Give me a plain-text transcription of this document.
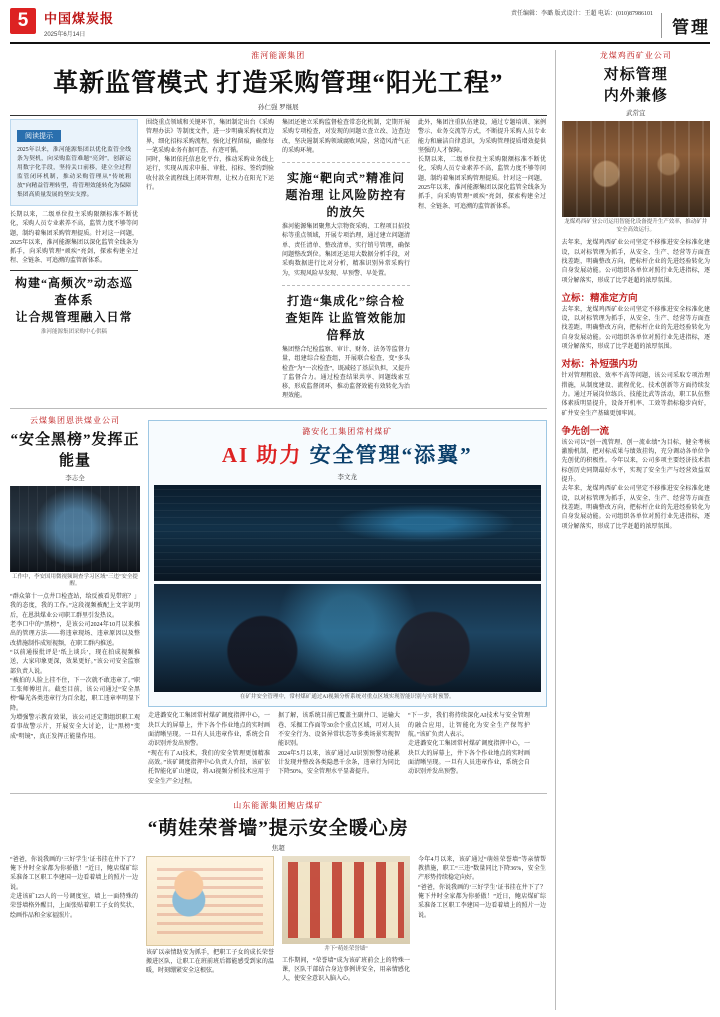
5	中国煤炭报
2025年6月14日
责任编辑：李璐 版式设计：王超 电话：(010)87986101
管理
淮河能源集团
革新监管模式 打造采购管理“阳光工程”
孙仁强 罗继展
阅读提示
2025年以来，淮河能源集团以优化监管全线条为契机，向采购监管难题“亮剑”，创新运用数字化手段，坚持关口前移，建立全过程监管闭环机制，推动采购管理从“传统粗放”向精益管理转型，将管理效能转化为保障集团高质量发展的坚实支撑。
长期以来，二级单位投主采购限额标准不断优化，采购人员专业素养不高，监管力度不够等问题，制约着集团采购管理提质。针对这一问题，2025年以来，淮河能源集团以深化监管全线条为抓手，向采购管理“顽疾”亮剑，探索构建全过程、全链条、可追溯的监管新体系。
构建“高频次”动态巡查体系
让合规管理融入日常
淮河能源集团采购中心供稿
围绕重点领域和关键环节，集团制定出台《采购管理办法》等制度文件，进一步明确采购权责边界，细化招标采购流程，强化过程留痕，确保每一笔采购业务有据可查、有迹可循。
同时，集团依托信息化平台，推动采购业务线上运行，实现从需求申报、审批、招标、签约到验收付款全流程线上闭环管理，让权力在阳光下运行。
集团还建立采购监督检查常态化机制，定期开展采购专项检查，对发现的问题立查立改、边查边改，坚决遏制采购领域腐败风险，营造风清气正的采购环境。
实施“靶向式”精准问题治理 让风险防控有的放矢
淮河能源集团聚焦大宗物资采购、工程项目招投标等重点领域，开展专项治理，通过建立问题清单、责任清单、整改清单，实行销号管理，确保问题整改到位。集团还运用大数据分析手段，对采购数据进行比对分析，精准识别异常采购行为，实现风险早发现、早预警、早处置。
打造“集成化”综合检查矩阵 让监管效能加倍释放
集团整合纪检监察、审计、财务、法务等监督力量，组建综合检查组，开展联合检查，变“多头检查”为“一次检查”，既减轻了基层负担，又提升了监督合力。通过检查结果共享、问题线索互移，形成监督闭环，推动监督效能有效转化为治理效能。
此外，集团注重队伍建设，通过专题培训、案例警示、业务交流等方式，不断提升采购人员专业能力和廉洁自律意识，为采购管理提质增效提供坚强的人才保障。
长期以来，二级单位投主采购限额标准不断优化，采购人员专业素养不高，监管力度不够等问题，制约着集团采购管理提质。针对这一问题，2025年以来，淮河能源集团以深化监管全线条为抓手，向采购管理“顽疾”亮剑，探索构建全过程、全链条、可追溯的监管新体系。
云煤集团恩洪煤业公司
“安全黑榜”发挥正能量
李志全
工作中，李安国用微视频调查学习区域“三违”安全提醒。
“群众第十一点井口检查站，给反被看见带班？」我的态度，我的工作。”这段视频被配上文字说明后，在恩洪煤业公司职工群里引发热议。
老李口中的“黑榜”，是该公司2024年10月以来推出的管理方法——将违章现场、违章原因以及整改措施制作成短视频，在职工群内推送。
“以前通报批评是‘纸上谈兵’，现在拍成视频推送，大家印象更深，效果更好。”该公司安全监察部负责人说。
“被拍的人脸上挂不住，下一次就不敢违章了。”职工张师傅坦言。截至目前，该公司通过“安全黑榜”曝光各类违章行为百余起，职工违章率明显下降。
为增强警示教育效果，该公司还定期组织职工观看事故警示片，开展安全大讨论，让“黑榜”变成“明镜”，真正发挥正能量作用。
潞安化工集团常村煤矿
AI 助力 安全管理“添翼”
李文龙
在矿井安全管理中，常村煤矿通过AI视频分析系统对重点区域实现智能识别与实时预警。
走进潞安化工集团常村煤矿调度指挥中心，一块巨大的屏幕上，井下各个作业地点的实时画面清晰呈现。一旦有人员违章作业，系统会自动识别并发出预警。
“现在有了AI技术，我们的安全管理更加精准高效。”该矿调度指挥中心负责人介绍，该矿依托智能化矿山建设，将AI视频分析技术应用于安全生产全过程。
据了解，该系统目前已覆盖主副井口、运输大巷、采掘工作面等30余个重点区域，可对人员不安全行为、设备异常状态等多类场景实现智能识别。
2024年5月以来，该矿通过AI识别预警功能累计发现并整改各类隐患千余条，违章行为同比下降50%，安全管理水平显著提升。
“下一步，我们将持续深化AI技术与安全管理的融合应用，让智能化为安全生产保驾护航。”该矿负责人表示。
走进潞安化工集团常村煤矿调度指挥中心，一块巨大的屏幕上，井下各个作业地点的实时画面清晰呈现。一旦有人员违章作业，系统会自动识别并发出预警。
山东能源集团鲍店煤矿
“萌娃荣誉墙”提示安全暖心房
焦超
“爸爸，你说我画的‘三好学生’证书挂在井下了？俺下井时全家都为你骄傲！”近日，鲍店煤矿综采准备工区职工李建国一边看着墙上的照片一边说。
走进该矿123人的一号调度室，墙上一面特殊的荣誉墙格外醒目，上面张贴着职工子女的奖状、绘画作品和全家福照片。
该矿以亲情助安为抓手，把职工子女的成长荣誉搬进区队，让职工在班前班后都能感受到家的温暖，时刻绷紧安全这根弦。
井下“萌娃荣誉墙”
工作期间，“荣誉墙”成为该矿班前会上的特殊一课，区队干部结合身边事例讲安全，用亲情感化人，使安全意识入脑入心。
今年4月以来，该矿通过“萌娃荣誉墙”等亲情帮教措施，职工“三违”数量同比下降36%，安全生产形势持续稳定向好。
“爸爸，你说我画的‘三好学生’证书挂在井下了？俺下井时全家都为你骄傲！”近日，鲍店煤矿综采准备工区职工李建国一边看着墙上的照片一边说。
龙煤鸡西矿业公司
对标管理
内外兼修
武常宜
龙煤鸡西矿业公司运用智能化设备提升生产效率，推动矿井安全高效运行。
去年来，龙煤鸡西矿业公司坚定不移推进安全标准化建设，以对标管理为抓手，从安全、生产、经营等方面查找差距，明确整改方向，把标杆企业的先进经验转化为自身发展动能。公司组织各单位对照行业先进指标，逐项分解落实，形成了比学赶超的浓厚氛围。
立标：精准定方向
去年来，龙煤鸡西矿业公司坚定不移推进安全标准化建设，以对标管理为抓手，从安全、生产、经营等方面查找差距，明确整改方向，把标杆企业的先进经验转化为自身发展动能。公司组织各单位对照行业先进指标，逐项分解落实，形成了比学赶超的浓厚氛围。
对标：补短强内功
针对管理粗放、效率不高等问题，该公司采取专项治理措施，从制度建设、流程优化、技术创新等方面持续发力。通过开展岗位练兵、技能比武等活动，职工队伍整体素质明显提升，设备开机率、工效等指标稳步向好，矿井安全生产基础更加牢固。
争先创一流
该公司以“创一流管理、创一流业绩”为目标，健全考核激励机制，把对标成果与绩效挂钩，充分调动各单位争先创优的积极性。今年以来，公司多项主要经济技术指标创历史同期最好水平，实现了安全生产与经营效益双提升。
去年来，龙煤鸡西矿业公司坚定不移推进安全标准化建设，以对标管理为抓手，从安全、生产、经营等方面查找差距，明确整改方向，把标杆企业的先进经验转化为自身发展动能。公司组织各单位对照行业先进指标，逐项分解落实，形成了比学赶超的浓厚氛围。
